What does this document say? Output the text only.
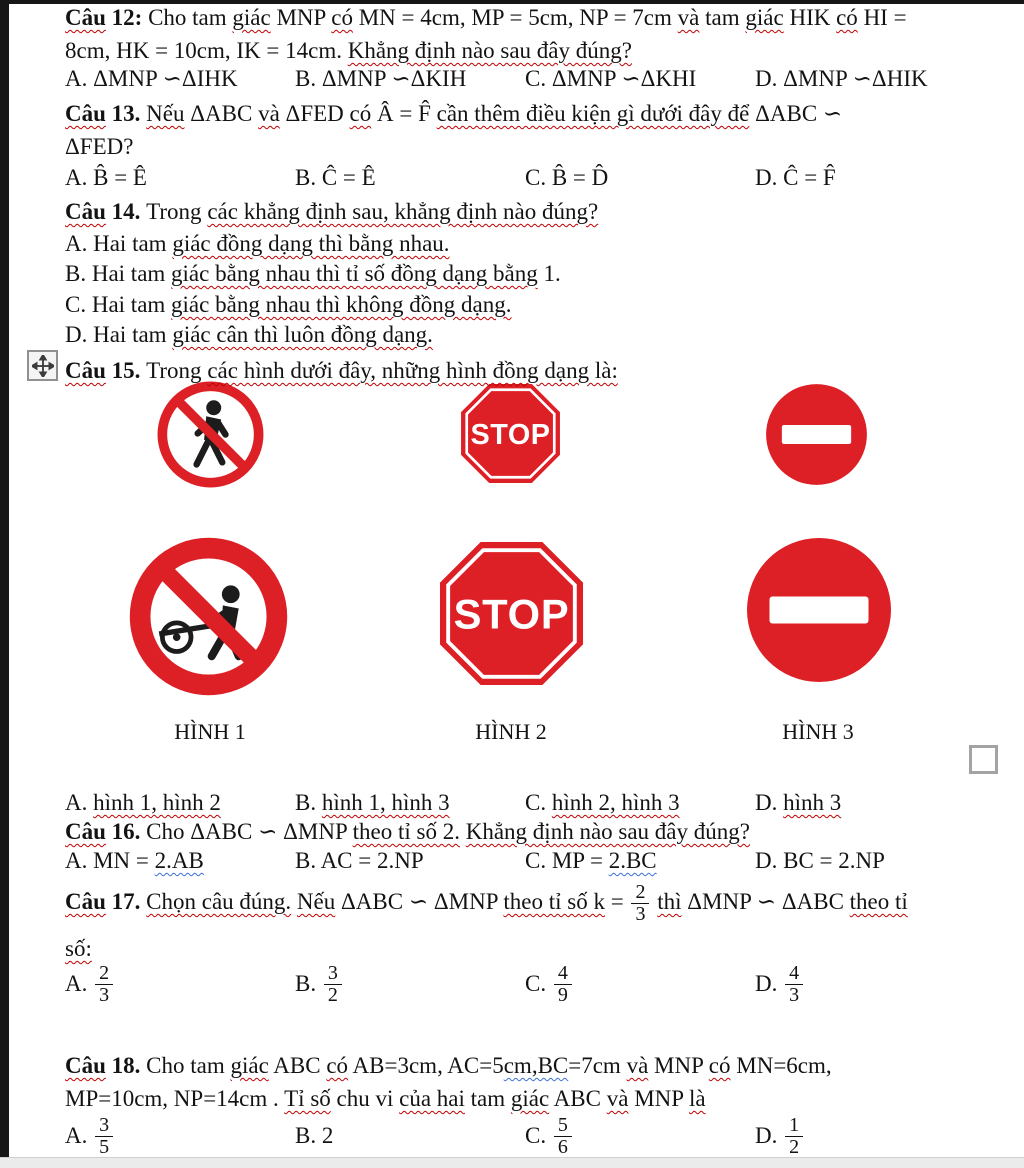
Câu 12: Cho tam giác MNP có MN = 4cm, MP = 5cm, NP = 7cm và tam giác HIK có HI =
8cm, HK = 10cm, IK = 14cm. Khẳng định nào sau đây đúng?
A. ΔMNP ∽ΔIHK B. ΔMNP ∽ΔKIH	C. ΔMNP ∽ΔKHI	D. ΔMNP ∽ΔHIK
Câu 13. Nếu ΔABC và ΔFED có Â = F̂ cần thêm điều kiện gì dưới đây để ΔABC ∽
ΔFED?
A. B̂ = Ê	B. Ĉ = Ê	C. B̂ = D̂	D. Ĉ = F̂
Câu 14. Trong các khẳng định sau, khẳng định nào đúng?
A. Hai tam giác đồng dạng thì bằng nhau.
B. Hai tam giác bằng nhau thì tỉ số đồng dạng bằng 1.
C. Hai tam giác bằng nhau thì không đồng dạng.
D. Hai tam giác cân thì luôn đồng dạng.
Câu 15. Trong các hình dưới đây, những hình đồng dạng là:
STOP
STOP
HÌNH 1	HÌNH 2	HÌNH 3
A. hình 1, hình 2	B. hình 1, hình 3	C. hình 2, hình 3	D. hình 3
Câu 16. Cho ΔABC ∽ ΔMNP theo tỉ số 2. Khẳng định nào sau đây đúng?
A. MN = 2.AB	B. AC = 2.NP	C. MP = 2.BC	D. BC = 2.NP
Câu 17. Chọn câu đúng. Nếu ΔABC ∽ ΔMNP theo tỉ số $k = \frac{2}{3}$ thì ΔMNP ∽ ΔABC theo tỉ
số:
A. $\frac{2}{3}$	B. $\frac{3}{2}$	C. $\frac{4}{9}$	D. $\frac{4}{3}$
Câu 18. Cho tam giác ABC có AB=3cm, AC=5cm,BC=7cm và MNP có MN=6cm,
MP=10cm, NP=14cm . Tỉ số chu vi của hai tam giác ABC và MNP là
A. $\frac{3}{5}$	B. 2	C. $\frac{5}{6}$	D. $\frac{1}{2}$
